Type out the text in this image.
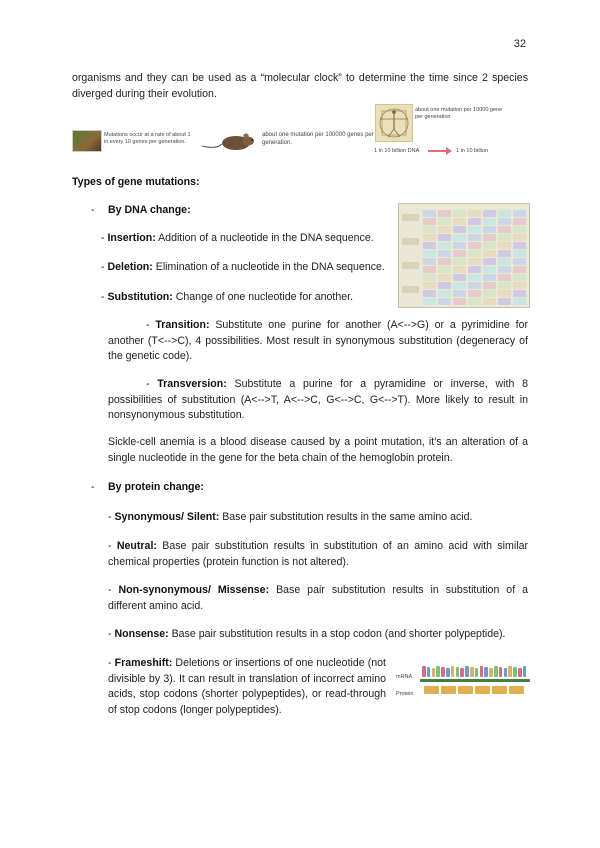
32

organisms and they can be used as a “molecular clock” to determine the time since 2 species diverged during their evolution.

Mutations occur at a rate of about 1 in every 10 genes per generation.
about one mutation per 100000 genes per generation.
about one mutation per 10000 gene per generation
1 in 10 billion DNA	1 in 10 billion

Types of gene mutations:

- By DNA change:

- Insertion: Addition of a nucleotide in the DNA sequence.

- Deletion: Elimination of a nucleotide in the DNA sequence.

- Substitution: Change of one nucleotide for another.

- Transition: Substitute one purine for another (A<-->G) or a pyrimidine for another (T<-->C), 4 possibilities. Most result in synonymous substitution (degeneracy of the genetic code).

- Transversion: Substitute a purine for a pyramidine or inverse, with 8 possibilities of substitution (A<-->T, A<-->C, G<-->C, G<-->T). More likely to result in nonsynonymous substitution.

Sickle-cell anemia is a blood disease caused by a point mutation, it’s an alteration of a single nucleotide in the gene for the beta chain of the hemoglobin protein.

- By protein change:

- Synonymous/ Silent: Base pair substitution results in the same amino acid.

- Neutral: Base pair substitution results in substitution of an amino acid with similar chemical properties (protein function is not altered).

- Non-synonymous/ Missense: Base pair substitution results in substitution of a different amino acid.

- Nonsense: Base pair substitution results in a stop codon (and shorter polypeptide).

- Frameshift: Deletions or insertions of one nucleotide (not divisible by 3). It can result in translation of incorrect amino acids, stop codons (shorter polypeptides), or read-through of stop codons (longer polypeptides).

mRNA
Protein
